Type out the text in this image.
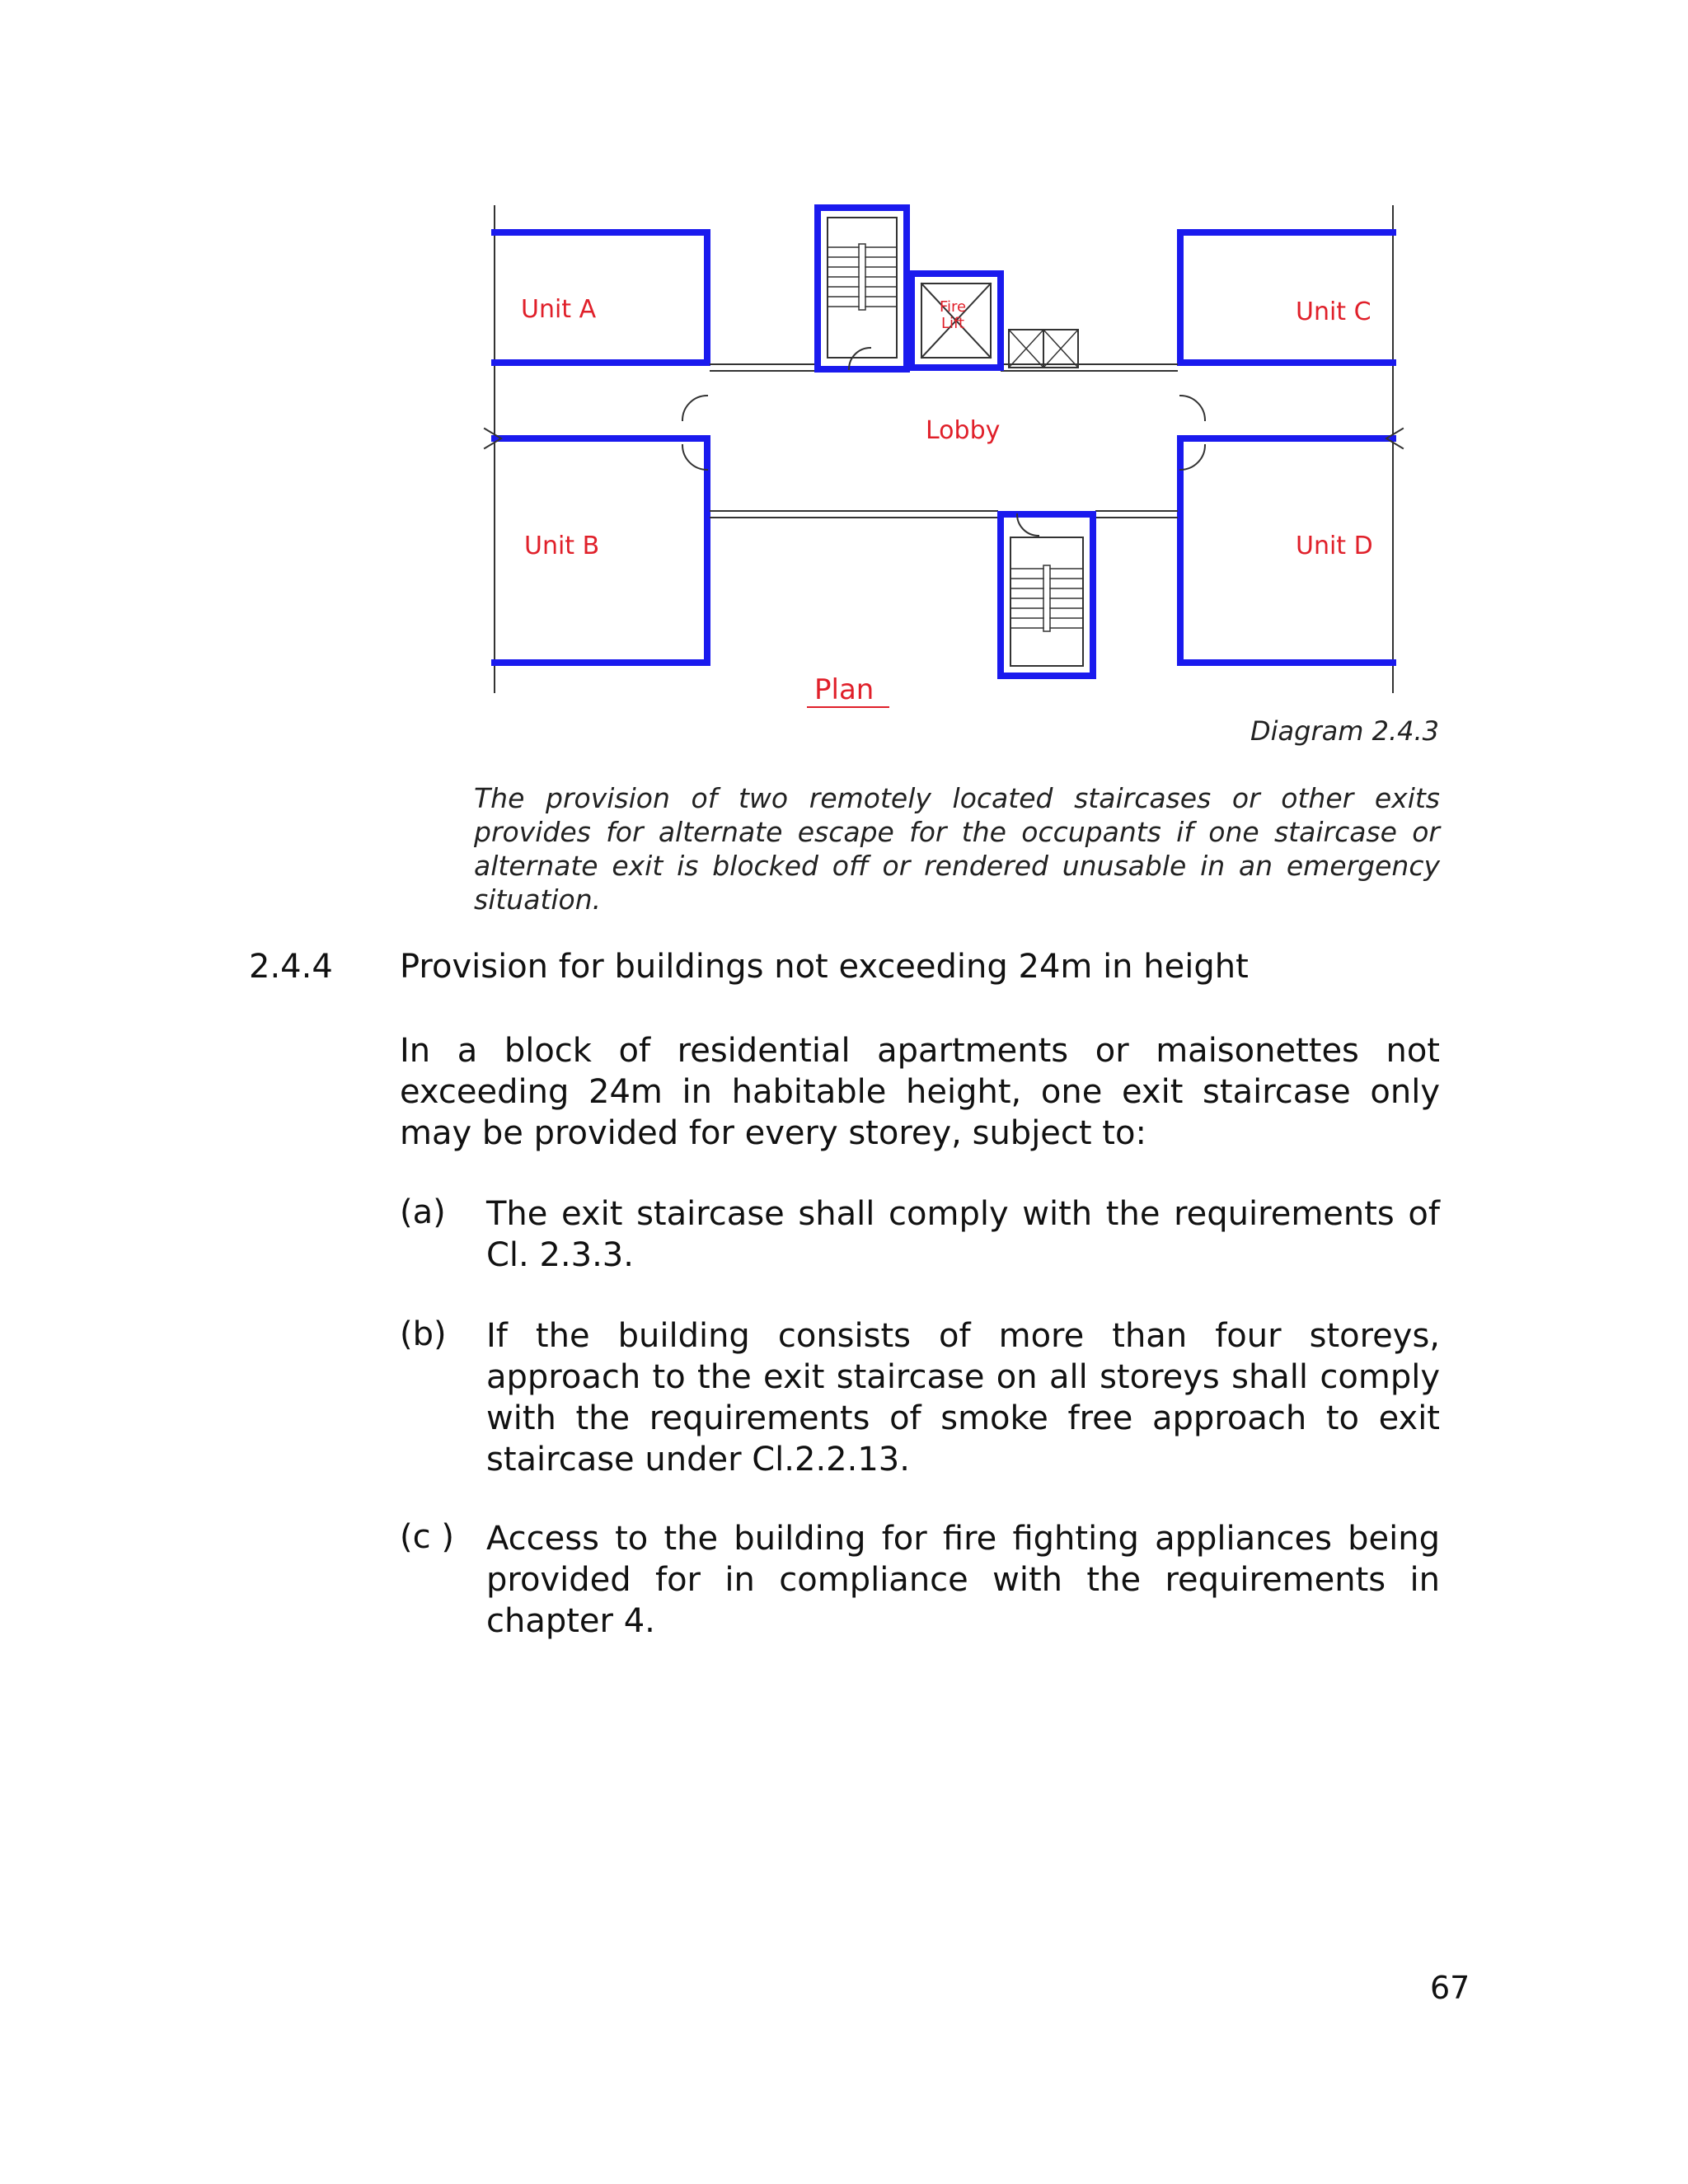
Unit A
Unit B
Unit C
Unit D
Lobby
Fire
Lift
Plan
Diagram 2.4.3
The provision of two remotely located staircases or other exits provides for alternate escape for the occupants if one staircase or alternate exit is blocked off or rendered unusable in an emergency situation.
2.4.4 Provision for buildings not exceeding 24m in height
In a block of residential apartments or maisonettes not exceeding 24m in habitable height, one exit staircase only may be provided for every storey, subject to:
(a) The exit staircase shall comply with the requirements of Cl. 2.3.3.
(b) If the building consists of more than four storeys, approach to the exit staircase on all storeys shall comply with the requirements of smoke free approach to exit staircase under Cl.2.2.13.
(c ) Access to the building for fire fighting appliances being provided for in compliance with the requirements in chapter 4.
67
